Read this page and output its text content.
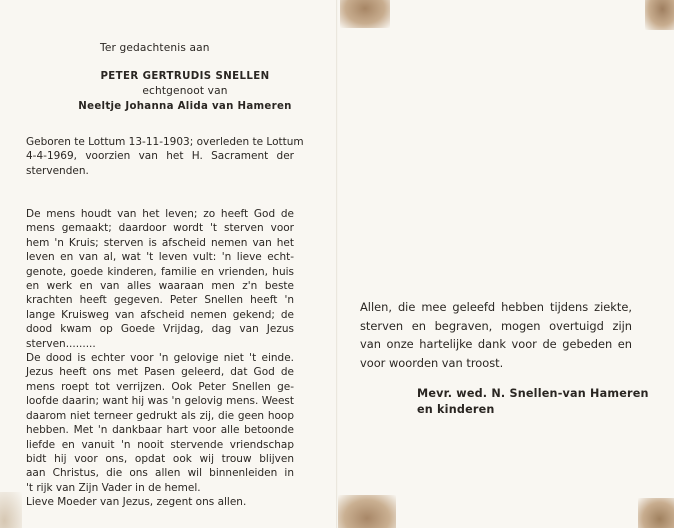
Ter gedachtenis aan
PETER GERTRUDIS SNELLEN
echtgenoot van
Neeltje Johanna Alida van Hameren
Geboren te Lottum 13-11-1903; overleden te Lottum
4-4-1969, voorzien van het H. Sacrament der
stervenden.
De mens houdt van het leven; zo heeft God de
mens gemaakt; daardoor wordt 't sterven voor
hem 'n Kruis; sterven is afscheid nemen van het
leven en van al, wat 't leven vult: 'n lieve echt-
genote, goede kinderen, familie en vrienden, huis
en werk en van alles waaraan men z'n beste
krachten heeft gegeven. Peter Snellen heeft 'n
lange Kruisweg van afscheid nemen gekend; de
dood kwam op Goede Vrijdag, dag van Jezus
sterven.........
De dood is echter voor 'n gelovige niet 't einde.
Jezus heeft ons met Pasen geleerd, dat God de
mens roept tot verrijzen. Ook Peter Snellen ge-
loofde daarin; want hij was 'n gelovig mens. Weest
daarom niet terneer gedrukt als zij, die geen hoop
hebben. Met 'n dankbaar hart voor alle betoonde
liefde en vanuit 'n nooit stervende vriendschap
bidt hij voor ons, opdat ook wij trouw blijven
aan Christus, die ons allen wil binnenleiden in
't rijk van Zijn Vader in de hemel.
Lieve Moeder van Jezus, zegent ons allen.
Allen, die mee geleefd hebben tijdens ziekte,
sterven en begraven, mogen overtuigd zijn
van onze hartelijke dank voor de gebeden en
voor woorden van troost.
Mevr. wed. N. Snellen-van Hameren
en kinderen
